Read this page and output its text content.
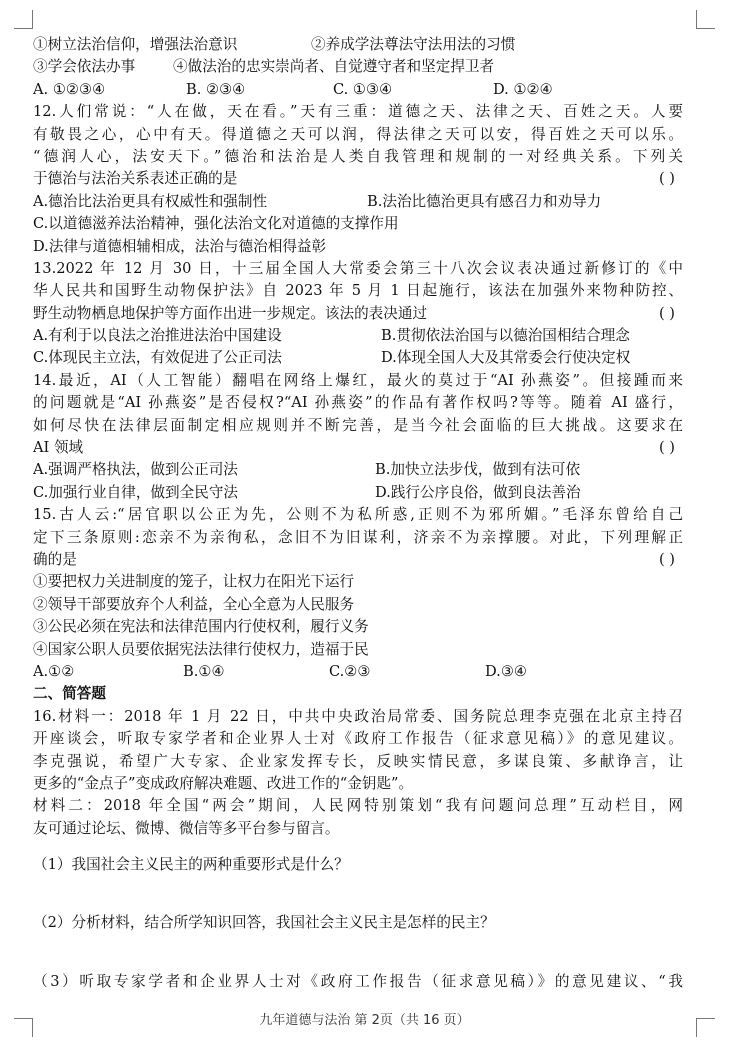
①树立法治信仰，增强法治意识	②养成学法尊法守法用法的习惯
③学会依法办事	④做法治的忠实崇尚者、自觉遵守者和坚定捍卫者
A. ①②③④	B. ②③④	C. ①③④	D. ①②④
12.人们常说：“人在做，天在看。”天有三重：道德之天、法律之天、百姓之天。人要
有敬畏之心，心中有天。得道德之天可以润，得法律之天可以安，得百姓之天可以乐。
“德润人心，法安天下。”德治和法治是人类自我管理和规制的一对经典关系。下列关
于德治与法治关系表述正确的是	( )
A.德治比法治更具有权威性和强制性	B.法治比德治更具有感召力和劝导力
C.以道德滋养法治精神，强化法治文化对道德的支撑作用
D.法律与道德相辅相成，法治与德治相得益彰
13.2022 年 12 月 30 日，十三届全国人大常委会第三十八次会议表决通过新修订的《中
华人民共和国野生动物保护法》自 2023 年 5 月 1 日起施行，该法在加强外来物种防控、
野生动物栖息地保护等方面作出进一步规定。该法的表决通过	( )
A.有利于以良法之治推进法治中国建设	B.贯彻依法治国与以德治国相结合理念
C.体现民主立法，有效促进了公正司法	D.体现全国人大及其常委会行使决定权
14.最近，AI（人工智能）翻唱在网络上爆红，最火的莫过于“AI 孙燕姿”。但接踵而来
的问题就是“AI 孙燕姿”是否侵权?“AI 孙燕姿”的作品有著作权吗?等等。随着 AI 盛行，
如何尽快在法律层面制定相应规则并不断完善，是当今社会面临的巨大挑战。这要求在
AI 领域	( )
A.强调严格执法，做到公正司法	B.加快立法步伐，做到有法可依
C.加强行业自律，做到全民守法	D.践行公序良俗，做到良法善治
15.古人云:“居官职以公正为先，公则不为私所惑,正则不为邪所媚。”毛泽东曾给自己
定下三条原则:恋亲不为亲徇私，念旧不为旧谋利，济亲不为亲撑腰。对此，下列理解正
确的是	( )
①要把权力关进制度的笼子，让权力在阳光下运行
②领导干部要放弃个人利益，全心全意为人民服务
③公民必须在宪法和法律范围内行使权利，履行义务
④国家公职人员要依据宪法法律行使权力，造福于民
A.①②	B.①④	C.②③	D.③④
二、简答题
16.材料一：2018 年 1 月 22 日，中共中央政治局常委、国务院总理李克强在北京主持召
开座谈会，听取专家学者和企业界人士对《政府工作报告（征求意见稿）》的意见建议。
李克强说，希望广大专家、企业家发挥专长，反映实情民意，多谋良策、多献诤言，让
更多的“金点子”变成政府解决难题、改进工作的“金钥匙”。
材料二：2018 年全国“两会”期间，人民网特别策划“我有问题问总理”互动栏目，网
友可通过论坛、微博、微信等多平台参与留言。
（1）我国社会主义民主的两种重要形式是什么？
（2）分析材料，结合所学知识回答，我国社会主义民主是怎样的民主？
（3）听取专家学者和企业界人士对《政府工作报告（征求意见稿）》的意见建议、“我
九年道德与法治 第 2页（共 16 页）
